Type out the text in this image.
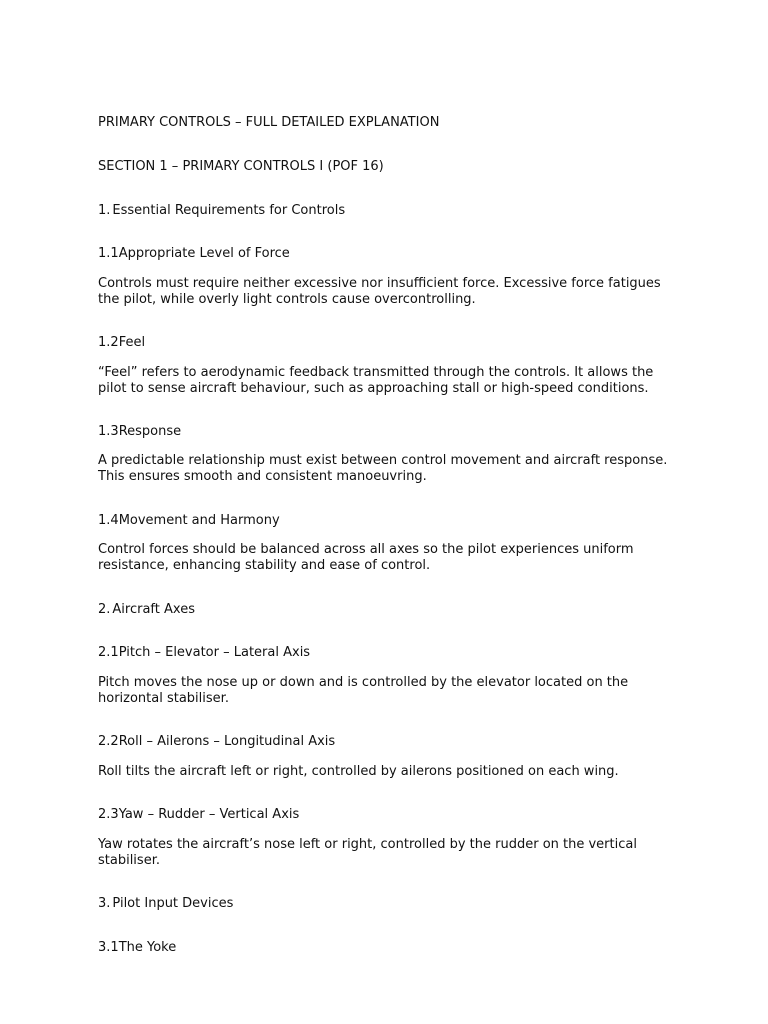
PRIMARY CONTROLS – FULL DETAILED EXPLANATION
SECTION 1 – PRIMARY CONTROLS I (POF 16)
1. Essential Requirements for Controls
1.1Appropriate Level of Force
Controls must require neither excessive nor insufficient force. Excessive force fatigues the pilot, while overly light controls cause overcontrolling.
1.2Feel
“Feel” refers to aerodynamic feedback transmitted through the controls. It allows the pilot to sense aircraft behaviour, such as approaching stall or high-speed conditions.
1.3Response
A predictable relationship must exist between control movement and aircraft response. This ensures smooth and consistent manoeuvring.
1.4Movement and Harmony
Control forces should be balanced across all axes so the pilot experiences uniform resistance, enhancing stability and ease of control.
2. Aircraft Axes
2.1Pitch – Elevator – Lateral Axis
Pitch moves the nose up or down and is controlled by the elevator located on the horizontal stabiliser.
2.2Roll – Ailerons – Longitudinal Axis
Roll tilts the aircraft left or right, controlled by ailerons positioned on each wing.
2.3Yaw – Rudder – Vertical Axis
Yaw rotates the aircraft’s nose left or right, controlled by the rudder on the vertical stabiliser.
3. Pilot Input Devices
3.1The Yoke
